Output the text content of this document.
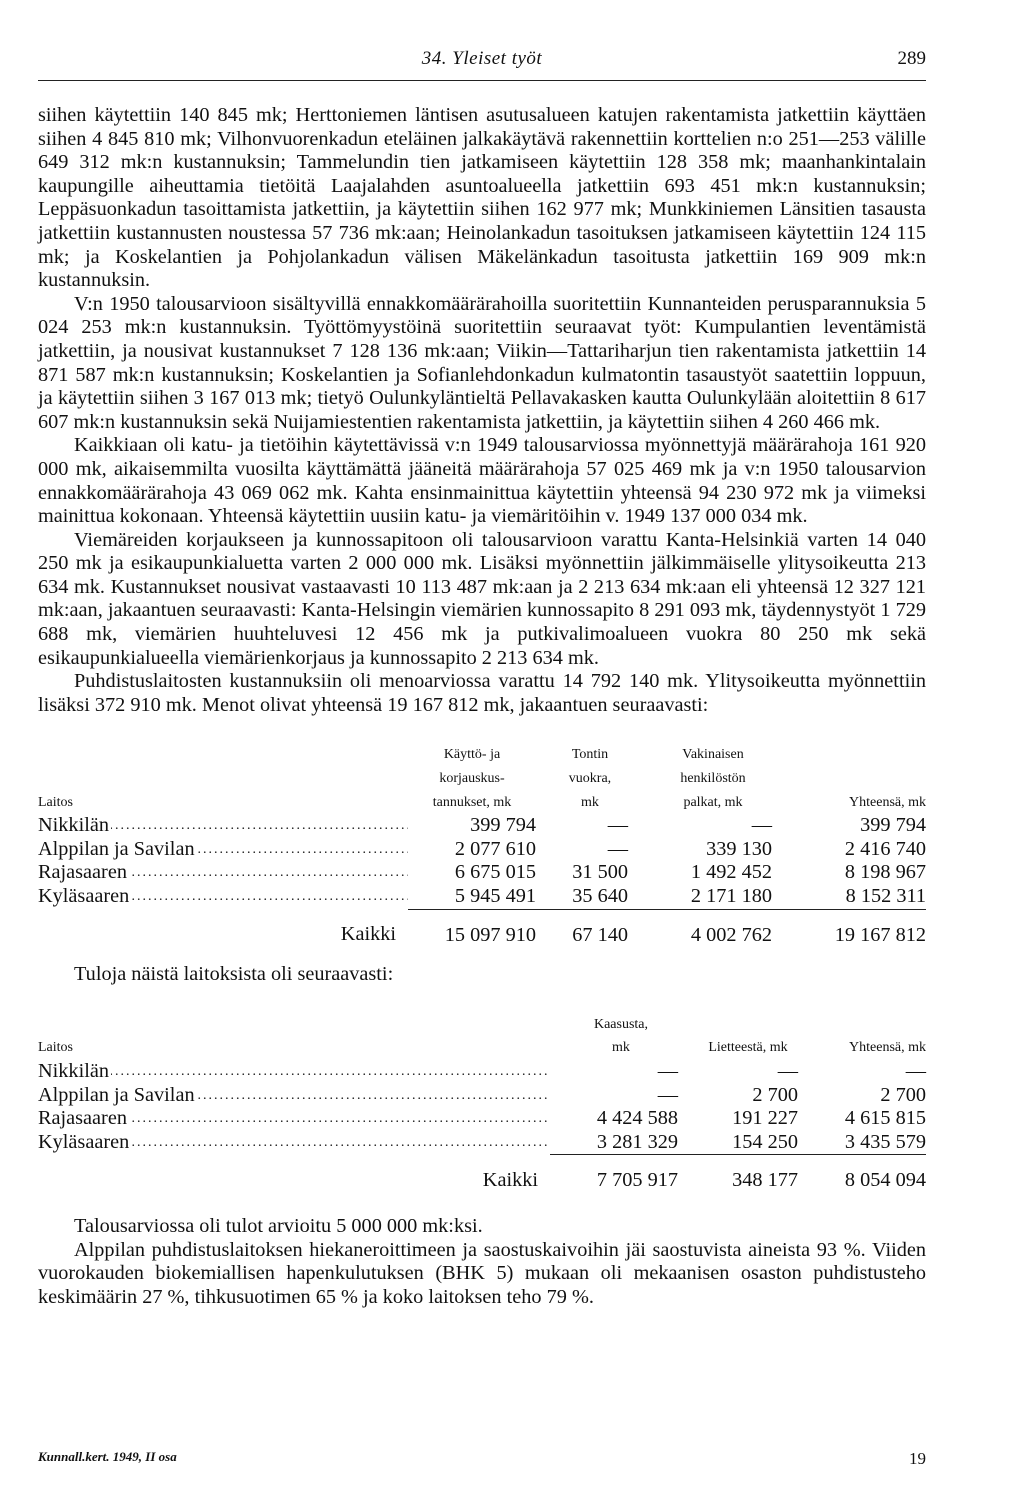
34. Yleiset työt	289

siihen käytettiin 140 845 mk; Herttoniemen läntisen asutusalueen katujen rakentamista jatkettiin käyttäen siihen 4 845 810 mk; Vilhonvuorenkadun eteläinen jalkakäytävä rakennettiin korttelien n:o 251—253 välille 649 312 mk:n kustannuksin; Tammelundin tien jatkamiseen käytettiin 128 358 mk; maanhankintalain kaupungille aiheuttamia tietöitä Laajalahden asuntoalueella jatkettiin 693 451 mk:n kustannuksin; Leppäsuonkadun tasoittamista jatkettiin, ja käytettiin siihen 162 977 mk; Munkkiniemen Länsitien tasausta jatkettiin kustannusten noustessa 57 736 mk:aan; Heinolankadun tasoituksen jatkamiseen käytettiin 124 115 mk; ja Koskelantien ja Pohjolankadun välisen Mäkelänkadun tasoitusta jatkettiin 169 909 mk:n kustannuksin.

V:n 1950 talousarvioon sisältyvillä ennakkomäärärahoilla suoritettiin Kunnanteiden perusparannuksia 5 024 253 mk:n kustannuksin. Työttömyystöinä suoritettiin seuraavat työt: Kumpulantien leventämistä jatkettiin, ja nousivat kustannukset 7 128 136 mk:aan; Viikin—Tattariharjun tien rakentamista jatkettiin 14 871 587 mk:n kustannuksin; Koskelantien ja Sofianlehdonkadun kulmatontin tasaustyöt saatettiin loppuun, ja käytettiin siihen 3 167 013 mk; tietyö Oulunkyläntieltä Pellavakasken kautta Oulunkylään aloitettiin 8 617 607 mk:n kustannuksin sekä Nuijamiestentien rakentamista jatkettiin, ja käytettiin siihen 4 260 466 mk.

Kaikkiaan oli katu- ja tietöihin käytettävissä v:n 1949 talousarviossa myönnettyjä määrärahoja 161 920 000 mk, aikaisemmilta vuosilta käyttämättä jääneitä määrärahoja 57 025 469 mk ja v:n 1950 talousarvion ennakkomäärärahoja 43 069 062 mk. Kahta ensinmainittua käytettiin yhteensä 94 230 972 mk ja viimeksi mainittua kokonaan. Yhteensä käytettiin uusiin katu- ja viemäritöihin v. 1949 137 000 034 mk.

Viemäreiden korjaukseen ja kunnossapitoon oli talousarvioon varattu Kanta-Helsinkiä varten 14 040 250 mk ja esikaupunkialuetta varten 2 000 000 mk. Lisäksi myönnettiin jälkimmäiselle ylitysoikeutta 213 634 mk. Kustannukset nousivat vastaavasti 10 113 487 mk:aan ja 2 213 634 mk:aan eli yhteensä 12 327 121 mk:aan, jakaantuen seuraavasti: Kanta-Helsingin viemärien kunnossapito 8 291 093 mk, täydennystyöt 1 729 688 mk, viemärien huuhteluvesi 12 456 mk ja putkivalimoalueen vuokra 80 250 mk sekä esikaupunkialueella viemärienkorjaus ja kunnossapito 2 213 634 mk.

Puhdistuslaitosten kustannuksiin oli menoarviossa varattu 14 792 140 mk. Ylitysoikeutta myönnettiin lisäksi 372 910 mk. Menot olivat yhteensä 19 167 812 mk, jakaantuen seuraavasti:

Laitos	Käyttö- ja korjauskus- tannukset, mk	Tontin vuokra, mk	Vakinaisen henkilöstön palkat, mk	Yhteensä, mk
Nikkilän .....	399 794	—	—	399 794
Alppilan ja Savilan .....	2 077 610	—	339 130	2 416 740
Rajasaaren .....	6 675 015	31 500	1 492 452	8 198 967
Kyläsaaren .....	5 945 491	35 640	2 171 180	8 152 311
Kaikki	15 097 910	67 140	4 002 762	19 167 812

Tuloja näistä laitoksista oli seuraavasti:

Laitos	Kaasusta, mk	Lietteestä, mk	Yhteensä, mk
Nikkilän .....	—	—	—
Alppilan ja Savilan .....	—	2 700	2 700
Rajasaaren .....	4 424 588	191 227	4 615 815
Kyläsaaren .....	3 281 329	154 250	3 435 579
Kaikki	7 705 917	348 177	8 054 094

Talousarviossa oli tulot arvioitu 5 000 000 mk:ksi.

Alppilan puhdistuslaitoksen hiekaneroittimeen ja saostuskaivoihin jäi saostuvista aineista 93 %. Viiden vuorokauden biokemiallisen hapenkulutuksen (BHK 5) mukaan oli mekaanisen osaston puhdistusteho keskimäärin 27 %, tihkusuotimen 65 % ja koko laitoksen teho 79 %.

Kunnall.kert. 1949, II osa	19
